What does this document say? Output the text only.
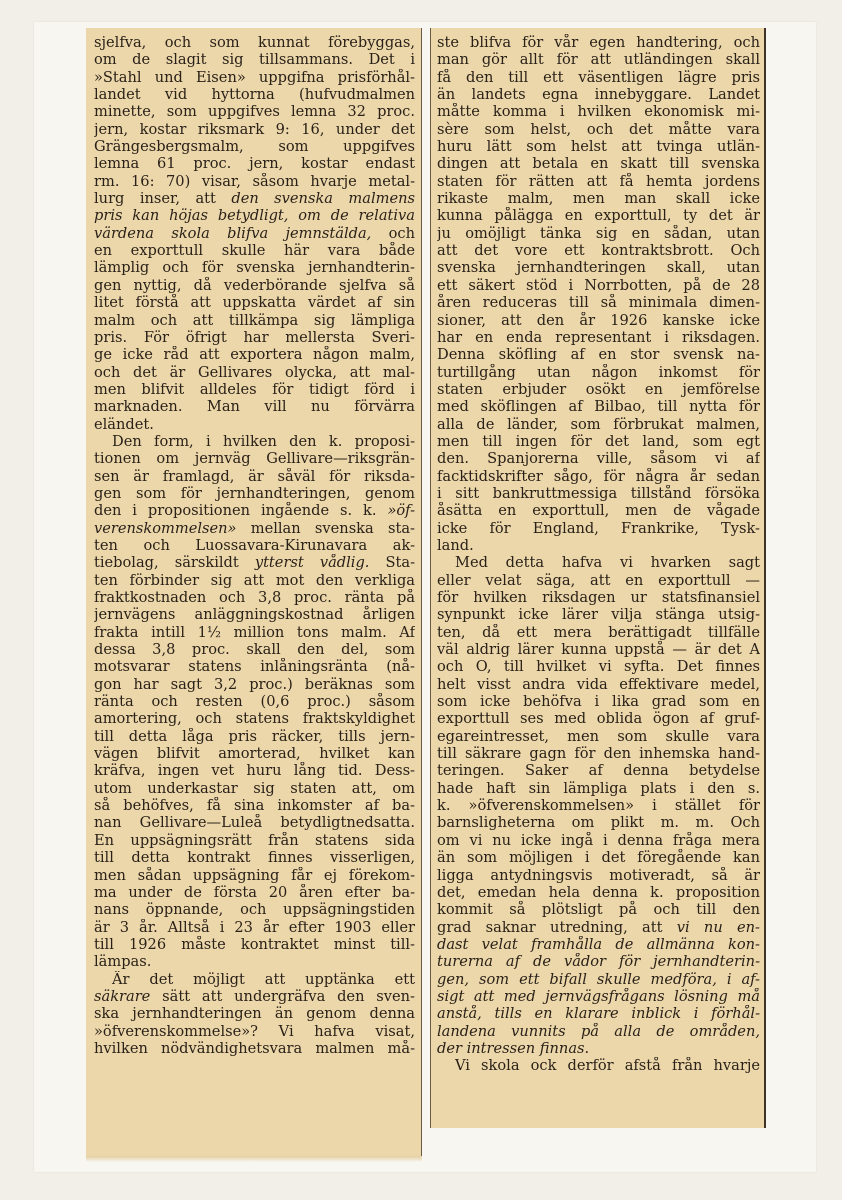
sjelfva, och som kunnat förebyggas,
om de slagit sig tillsammans. Det i
»Stahl und Eisen» uppgifna prisförhål-
landet vid hyttorna (hufvudmalmen
minette, som uppgifves lemna 32 proc.
jern, kostar riksmark 9: 16, under det
Grängesbergsmalm, som uppgifves
lemna 61 proc. jern, kostar endast
rm. 16: 70) visar, såsom hvarje metal-
lurg inser, att den svenska malmens
pris kan höjas betydligt, om de relativa
värdena skola blifva jemnstälda, och
en exporttull skulle här vara både
lämplig och för svenska jernhandterin-
gen nyttig, då vederbörande sjelfva så
litet förstå att uppskatta värdet af sin
malm och att tillkämpa sig lämpliga
pris. För öfrigt har mellersta Sveri-
ge icke råd att exportera någon malm,
och det är Gellivares olycka, att mal-
men blifvit alldeles för tidigt förd i
marknaden. Man vill nu förvärra
eländet.
Den form, i hvilken den k. proposi-
tionen om jernväg Gellivare—riksgrän-
sen är framlagd, är såväl för riksda-
gen som för jernhandteringen, genom
den i propositionen ingående s. k. »öf-
verenskommelsen» mellan svenska sta-
ten och Luossavara-Kirunavara ak-
tiebolag, särskildt ytterst vådlig. Sta-
ten förbinder sig att mot den verkliga
fraktkostnaden och 3,8 proc. ränta på
jernvägens anläggningskostnad årligen
frakta intill 1½ million tons malm. Af
dessa 3,8 proc. skall den del, som
motsvarar statens inlåningsränta (nå-
gon har sagt 3,2 proc.) beräknas som
ränta och resten (0,6 proc.) såsom
amortering, och statens fraktskyldighet
till detta låga pris räcker, tills jern-
vägen blifvit amorterad, hvilket kan
kräfva, ingen vet huru lång tid. Dess-
utom underkastar sig staten att, om
så behöfves, få sina inkomster af ba-
nan Gellivare—Luleå betydligtnedsatta.
En uppsägningsrätt från statens sida
till detta kontrakt finnes visserligen,
men sådan uppsägning får ej förekom-
ma under de första 20 åren efter ba-
nans öppnande, och uppsägningstiden
är 3 år. Alltså i 23 år efter 1903 eller
till 1926 måste kontraktet minst till-
lämpas.
Är det möjligt att upptänka ett
säkrare sätt att undergräfva den sven-
ska jernhandteringen än genom denna
»öfverenskommelse»? Vi hafva visat,
hvilken nödvändighetsvara malmen må-
ste blifva för vår egen handtering, och
man gör allt för att utländingen skall
få den till ett väsentligen lägre pris
än landets egna innebyggare. Landet
måtte komma i hvilken ekonomisk mi-
sère som helst, och det måtte vara
huru lätt som helst att tvinga utlän-
dingen att betala en skatt till svenska
staten för rätten att få hemta jordens
rikaste malm, men man skall icke
kunna pålägga en exporttull, ty det är
ju omöjligt tänka sig en sådan, utan
att det vore ett kontraktsbrott. Och
svenska jernhandteringen skall, utan
ett säkert stöd i Norrbotten, på de 28
åren reduceras till så minimala dimen-
sioner, att den år 1926 kanske icke
har en enda representant i riksdagen.
Denna sköfling af en stor svensk na-
turtillgång utan någon inkomst för
staten erbjuder osökt en jemförelse
med sköflingen af Bilbao, till nytta för
alla de länder, som förbrukat malmen,
men till ingen för det land, som egt
den. Spanjorerna ville, såsom vi af
facktidskrifter sågo, för några år sedan
i sitt bankruttmessiga tillstånd försöka
åsätta en exporttull, men de vågade
icke för England, Frankrike, Tysk-
land.
Med detta hafva vi hvarken sagt
eller velat säga, att en exporttull —
för hvilken riksdagen ur statsfinansiel
synpunkt icke lärer vilja stänga utsig-
ten, då ett mera berättigadt tillfälle
väl aldrig lärer kunna uppstå — är det A
och O, till hvilket vi syfta. Det finnes
helt visst andra vida effektivare medel,
som icke behöfva i lika grad som en
exporttull ses med oblida ögon af gruf-
egareintresset, men som skulle vara
till säkrare gagn för den inhemska hand-
teringen. Saker af denna betydelse
hade haft sin lämpliga plats i den s.
k. »öfverenskommelsen» i stället för
barnsligheterna om plikt m. m. Och
om vi nu icke ingå i denna fråga mera
än som möjligen i det föregående kan
ligga antydningsvis motiveradt, så är
det, emedan hela denna k. proposition
kommit så plötsligt på och till den
grad saknar utredning, att vi nu en-
dast velat framhålla de allmänna kon-
turerna af de vådor för jernhandterin-
gen, som ett bifall skulle medföra, i af-
sigt att med jernvägsfrågans lösning må
anstå, tills en klarare inblick i förhål-
landena vunnits på alla de områden,
der intressen finnas.
Vi skola ock derför afstå från hvarje
